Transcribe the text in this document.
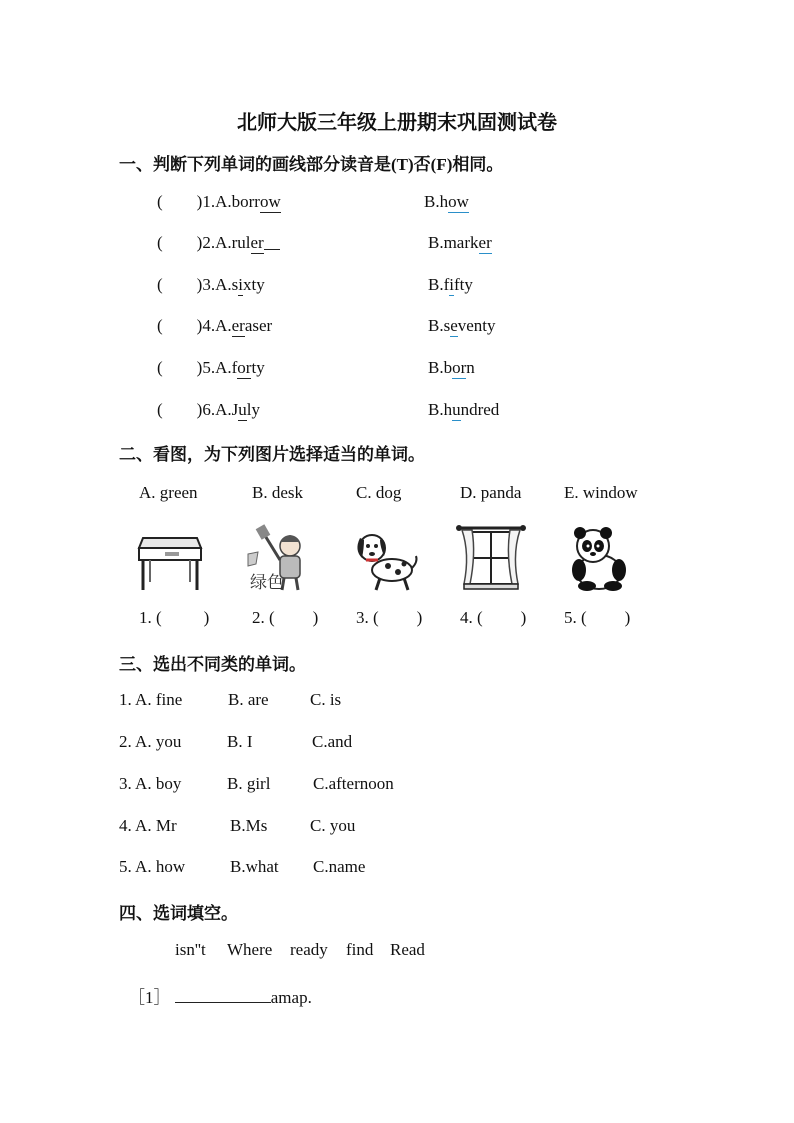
北师大版三年级上册期末巩固测试卷
一、判断下列单词的画线部分读音是(T)否(F)相同。
二、看图，为下列图片选择适当的单词。
A. green	B. desk	C. dog	D. panda	E. window
绿色
三、选出不同类的单词。
四、选词填空。
［1］	amap.
( )1.A.borrow	B.how
( )2.A.ruler	B.marker
( )3.A.sixty	B.fifty
( )4.A.eraser	B.seventy
( )5.A.forty	B.born
( )6.A.July	B.hundred
1. ( )	2. ( ) 3. ( ) 4. ( ) 5. ( )
1. A. fine	B. are C. is
2. A. you	B. I	C.and
3. A. boy	B. girl	C.afternoon
4. A. Mr	B.Ms	C. you
5. A. how	B.what C.name
isn''t Where ready find Read
